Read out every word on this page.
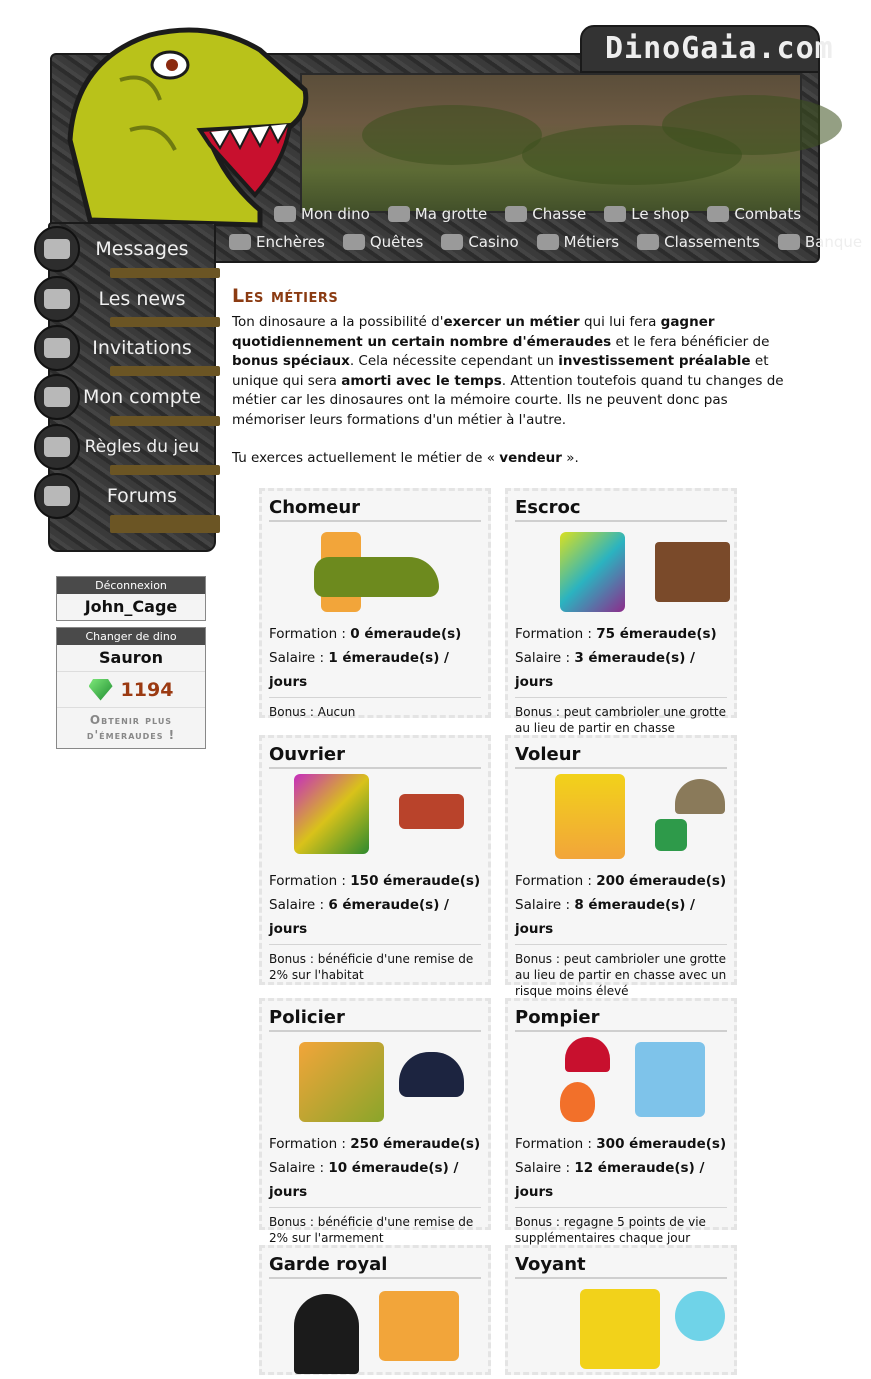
DinoGaia.com
Mon dino	Ma grotte	Chasse	Le shop	Combats
Enchères	Quêtes	Casino	Métiers	Classements	Banque
Messages
Les news
Invitations
Mon compte
Règles du jeu
Forums
Déconnexion
John_Cage
Changer de dino
Sauron
1194
Obtenir plus
d'émeraudes !
Les métiers

Ton dinosaure a la possibilité d'exercer un métier qui lui fera gagner quotidiennement un certain nombre d'émeraudes et le fera bénéficier de bonus spéciaux. Cela nécessite cependant un investissement préalable et unique qui sera amorti avec le temps. Attention toutefois quand tu changes de métier car les dinosaures ont la mémoire courte. Ils ne peuvent donc pas mémoriser leurs formations d'un métier à l'autre.

Tu exerces actuellement le métier de « vendeur ».

Chomeur
Formation : 0 émeraude(s)
Salaire : 1 émeraude(s) / jours
Bonus : Aucun
Escroc
Formation : 75 émeraude(s)
Salaire : 3 émeraude(s) / jours
Bonus : peut cambrioler une grotte au lieu de partir en chasse
Ouvrier
Formation : 150 émeraude(s)
Salaire : 6 émeraude(s) / jours
Bonus : bénéficie d'une remise de 2% sur l'habitat
Voleur
Formation : 200 émeraude(s)
Salaire : 8 émeraude(s) / jours
Bonus : peut cambrioler une grotte au lieu de partir en chasse avec un risque moins élevé
Policier
Formation : 250 émeraude(s)
Salaire : 10 émeraude(s) / jours
Bonus : bénéficie d'une remise de 2% sur l'armement
Pompier
Formation : 300 émeraude(s)
Salaire : 12 émeraude(s) / jours
Bonus : regagne 5 points de vie supplémentaires chaque jour
Garde royal	Voyant
